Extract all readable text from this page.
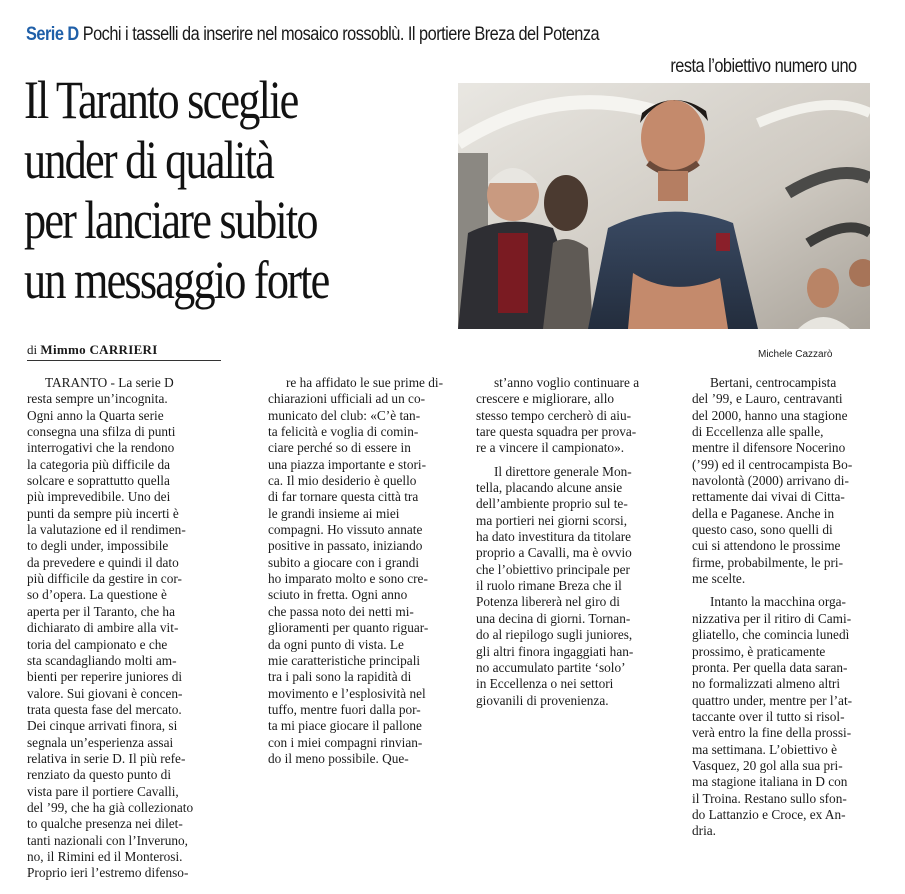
Serie D Pochi i tasselli da inserire nel mosaico rossoblù. Il portiere Breza del Potenza
resta l’obiettivo numero uno
Il Taranto sceglie
under di qualità
per lanciare subito
un messaggio forte
Michele Cazzarò
di Mimmo CARRIERI
TARANTO - La serie D
resta sempre un’incognita.
Ogni anno la Quarta serie
consegna una sfilza di punti
interrogativi che la rendono
la categoria più difficile da
solcare e soprattutto quella
più imprevedibile. Uno dei
punti da sempre più incerti è
la valutazione ed il rendimen-
to degli under, impossibile
da prevedere e quindi il dato
più difficile da gestire in cor-
so d’opera. La questione è
aperta per il Taranto, che ha
dichiarato di ambire alla vit-
toria del campionato e che
sta scandagliando molti am-
bienti per reperire juniores di
valore. Sui giovani è concen-
trata questa fase del mercato.
Dei cinque arrivati finora, si
segnala un’esperienza assai
relativa in serie D. Il più refe-
renziato da questo punto di
vista pare il portiere Cavalli,
del ’99, che ha già collezionato
to qualche presenza nei dilet-
tanti nazionali con l’Inveruno,
no, il Rimini ed il Monterosi.
Proprio ieri l’estremo difenso-
re ha affidato le sue prime di-
chiarazioni ufficiali ad un co-
municato del club: «C’è tan-
ta felicità e voglia di comin-
ciare perché so di essere in
una piazza importante e stori-
ca. Il mio desiderio è quello
di far tornare questa città tra
le grandi insieme ai miei
compagni. Ho vissuto annate
positive in passato, iniziando
subito a giocare con i grandi
ho imparato molto e sono cre-
sciuto in fretta. Ogni anno
che passa noto dei netti mi-
glioramenti per quanto riguar-
da ogni punto di vista. Le
mie caratteristiche principali
tra i pali sono la rapidità di
movimento e l’esplosività nel
tuffo, mentre fuori dalla por-
ta mi piace giocare il pallone
con i miei compagni rinvian-
do il meno possibile. Que-
st’anno voglio continuare a
crescere e migliorare, allo
stesso tempo cercherò di aiu-
tare questa squadra per prova-
re a vincere il campionato».
Il direttore generale Mon-
tella, placando alcune ansie
dell’ambiente proprio sul te-
ma portieri nei giorni scorsi,
ha dato investitura da titolare
proprio a Cavalli, ma è ovvio
che l’obiettivo principale per
il ruolo rimane Breza che il
Potenza libererà nel giro di
una decina di giorni. Tornan-
do al riepilogo sugli juniores,
gli altri finora ingaggiati han-
no accumulato partite ‘solo’
in Eccellenza o nei settori
giovanili di provenienza.
Bertani, centrocampista
del ’99, e Lauro, centravanti
del 2000, hanno una stagione
di Eccellenza alle spalle,
mentre il difensore Nocerino
(’99) ed il centrocampista Bo-
navolontà (2000) arrivano di-
rettamente dai vivai di Citta-
della e Paganese. Anche in
questo caso, sono quelli di
cui si attendono le prossime
firme, probabilmente, le pri-
me scelte.
Intanto la macchina orga-
nizzativa per il ritiro di Cami-
gliatello, che comincia lunedì
prossimo, è praticamente
pronta. Per quella data saran-
no formalizzati almeno altri
quattro under, mentre per l’at-
taccante over il tutto si risol-
verà entro la fine della prossi-
ma settimana. L’obiettivo è
Vasquez, 20 gol alla sua pri-
ma stagione italiana in D con
il Troina. Restano sullo sfon-
do Lattanzio e Croce, ex An-
dria.
